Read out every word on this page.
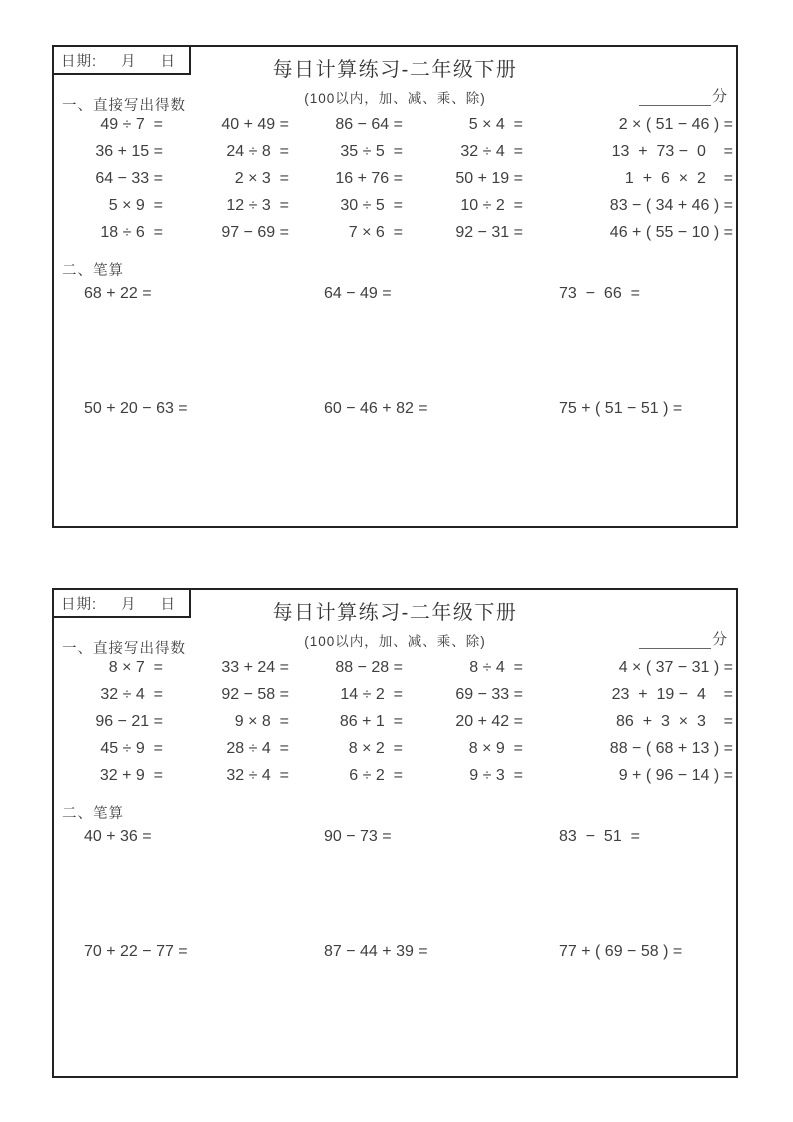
日期: 月 日	每日计算练习-二年级下册
(100以内，加、减、乘、除)	分
一、直接写出得数
49 ÷ 7  =	40 + 49 =	86 − 64 =	5 × 4  =	2 × ( 51 − 46 ) =
36 + 15 =	24 ÷ 8  =	35 ÷ 5  =	32 ÷ 4  =	13  +  73 −  0    =
64 − 33 =	2 × 3  =	16 + 76 =	50 + 19 =	1  +  6  ×  2    =
5 × 9  =	12 ÷ 3  =	30 ÷ 5  =	10 ÷ 2  =	83 − ( 34 + 46 ) =
18 ÷ 6  =	97 − 69 =	7 × 6  =	92 − 31 =	46 + ( 55 − 10 ) =
二、笔算
68 + 22 =	64 − 49 =	73  −  66  =
50 + 20 − 63 =	60 − 46 + 82 =	75 + ( 51 − 51 ) =
日期: 月 日	每日计算练习-二年级下册
(100以内，加、减、乘、除)	分
一、直接写出得数
8 × 7  =	33 + 24 =	88 − 28 =	8 ÷ 4  =	4 × ( 37 − 31 ) =
32 ÷ 4  =	92 − 58 =	14 ÷ 2  =	69 − 33 =	23  +  19 −  4    =
96 − 21 =	9 × 8  =	86 + 1  =	20 + 42 =	86  +  3  ×  3    =
45 ÷ 9  =	28 ÷ 4  =	8 × 2  =	8 × 9  =	88 − ( 68 + 13 ) =
32 + 9  =	32 ÷ 4  =	6 ÷ 2  =	9 ÷ 3  =	9 + ( 96 − 14 ) =
二、笔算
40 + 36 =	90 − 73 =	83  −  51  =
70 + 22 − 77 =	87 − 44 + 39 =	77 + ( 69 − 58 ) =
